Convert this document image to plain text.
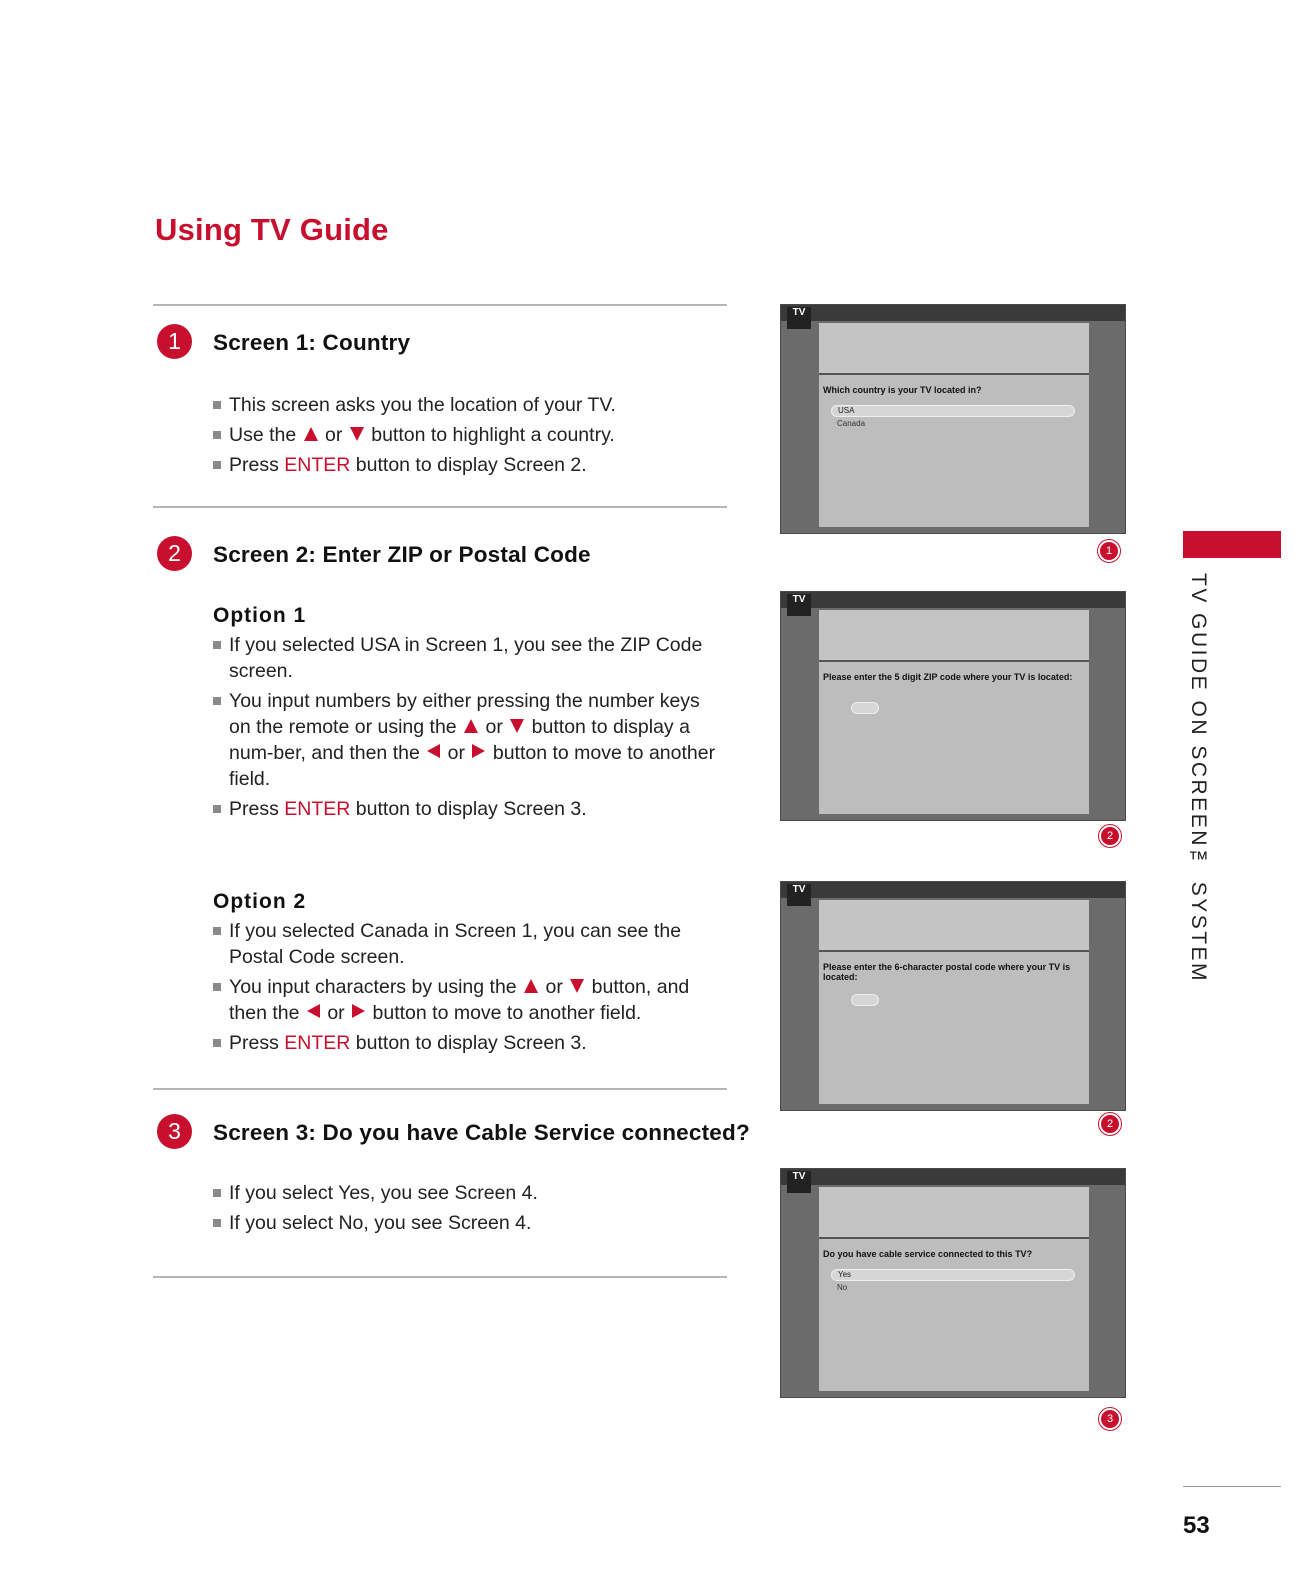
Using TV Guide
1	Screen 1: Country
This screen asks you the location of your TV.
Use the or button to highlight a country.
Press ENTER button to display Screen 2.
2	Screen 2: Enter ZIP or Postal Code
Option 1
If you selected USA in Screen 1, you see the ZIP Code screen.
You input numbers by either pressing the number keys on the remote or using the or button to display a num-ber, and then the or button to move to another field.
Press ENTER button to display Screen 3.
Option 2
If you selected Canada in Screen 1, you can see the Postal Code screen.
You input characters by using the or button, and then the or button to move to another field.
Press ENTER button to display Screen 3.
3	Screen 3: Do you have Cable Service connected?
If you select Yes, you see Screen 4.
If you select No, you see Screen 4.
TV
Which country is your TV located in?
USA
Canada
1
TV
Please enter the 5 digit ZIP code where your TV is located:
2
TV
Please enter the 6-character postal code where your TV is located:
2
TV
Do you have cable service connected to this TV?
Yes
No
3
TV GUIDE ON SCREEN™ SYSTEM
53
